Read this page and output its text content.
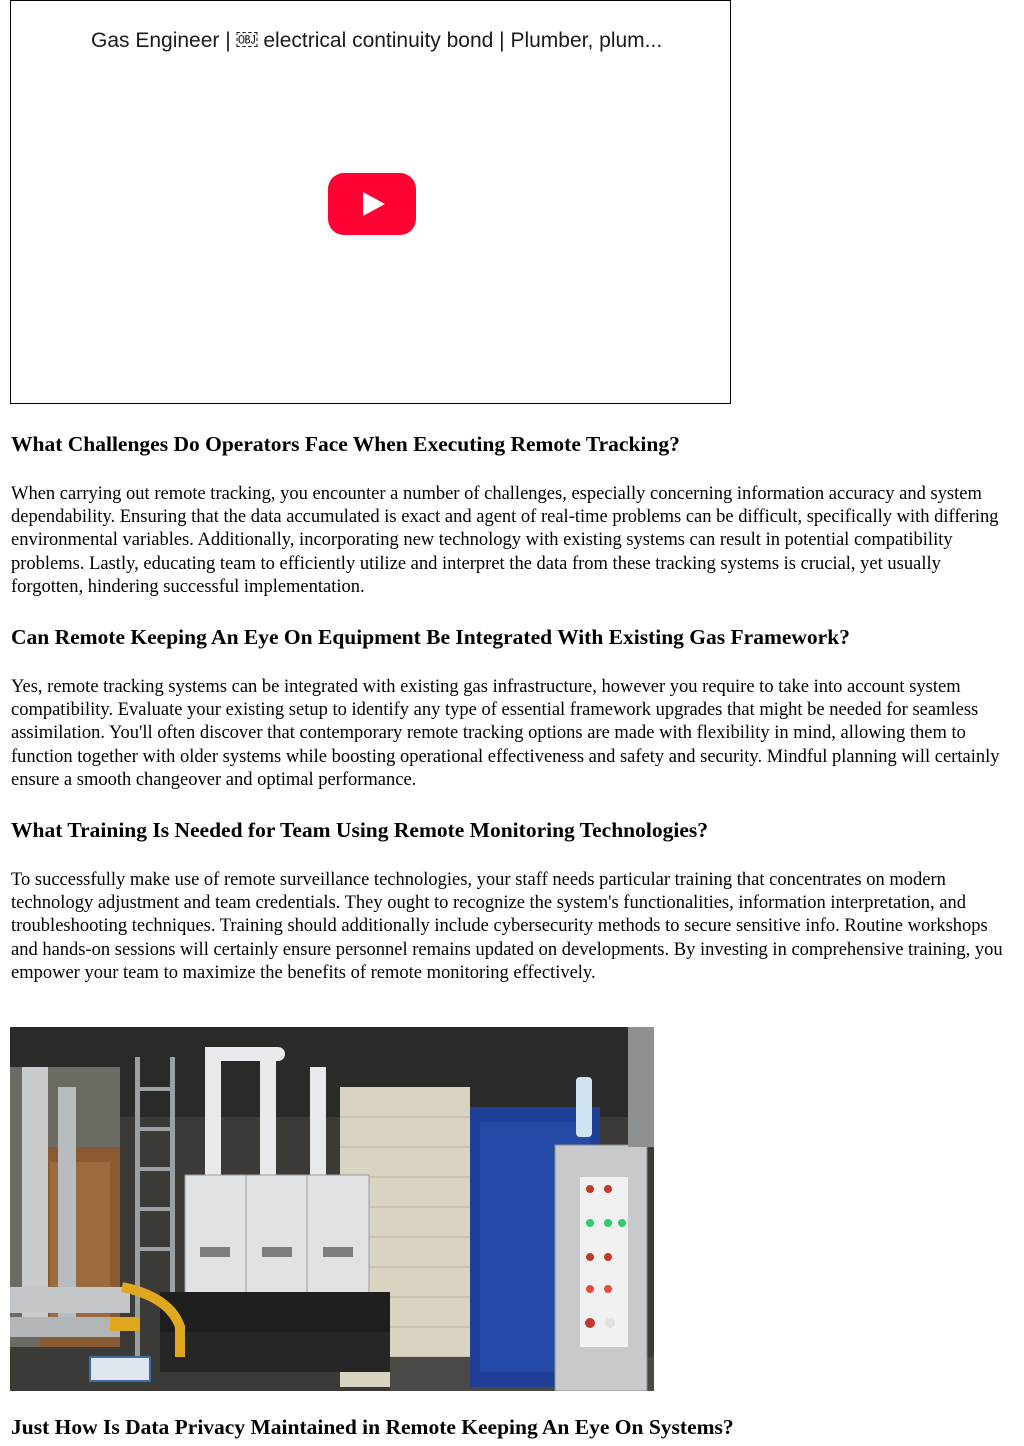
Gas Engineer | ￼ electrical continuity bond | Plumber, plum...
What Challenges Do Operators Face When Executing Remote Tracking?

When carrying out remote tracking, you encounter a number of challenges, especially concerning information accuracy and system dependability. Ensuring that the data accumulated is exact and agent of real-time problems can be difficult, specifically with differing environmental variables. Additionally, incorporating new technology with existing systems can result in potential compatibility problems. Lastly, educating team to efficiently utilize and interpret the data from these tracking systems is crucial, yet usually forgotten, hindering successful implementation.

Can Remote Keeping An Eye On Equipment Be Integrated With Existing Gas Framework?

Yes, remote tracking systems can be integrated with existing gas infrastructure, however you require to take into account system compatibility. Evaluate your existing setup to identify any type of essential framework upgrades that might be needed for seamless assimilation. You'll often discover that contemporary remote tracking options are made with flexibility in mind, allowing them to function together with older systems while boosting operational effectiveness and safety and security. Mindful planning will certainly ensure a smooth changeover and optimal performance.

What Training Is Needed for Team Using Remote Monitoring Technologies?

To successfully make use of remote surveillance technologies, your staff needs particular training that concentrates on modern technology adjustment and team credentials. They ought to recognize the system's functionalities, information interpretation, and troubleshooting techniques. Training should additionally include cybersecurity methods to secure sensitive info. Routine workshops and hands-on sessions will certainly ensure personnel remains updated on developments. By investing in comprehensive training, you empower your team to maximize the benefits of remote monitoring effectively.

Just How Is Data Privacy Maintained in Remote Keeping An Eye On Systems?
